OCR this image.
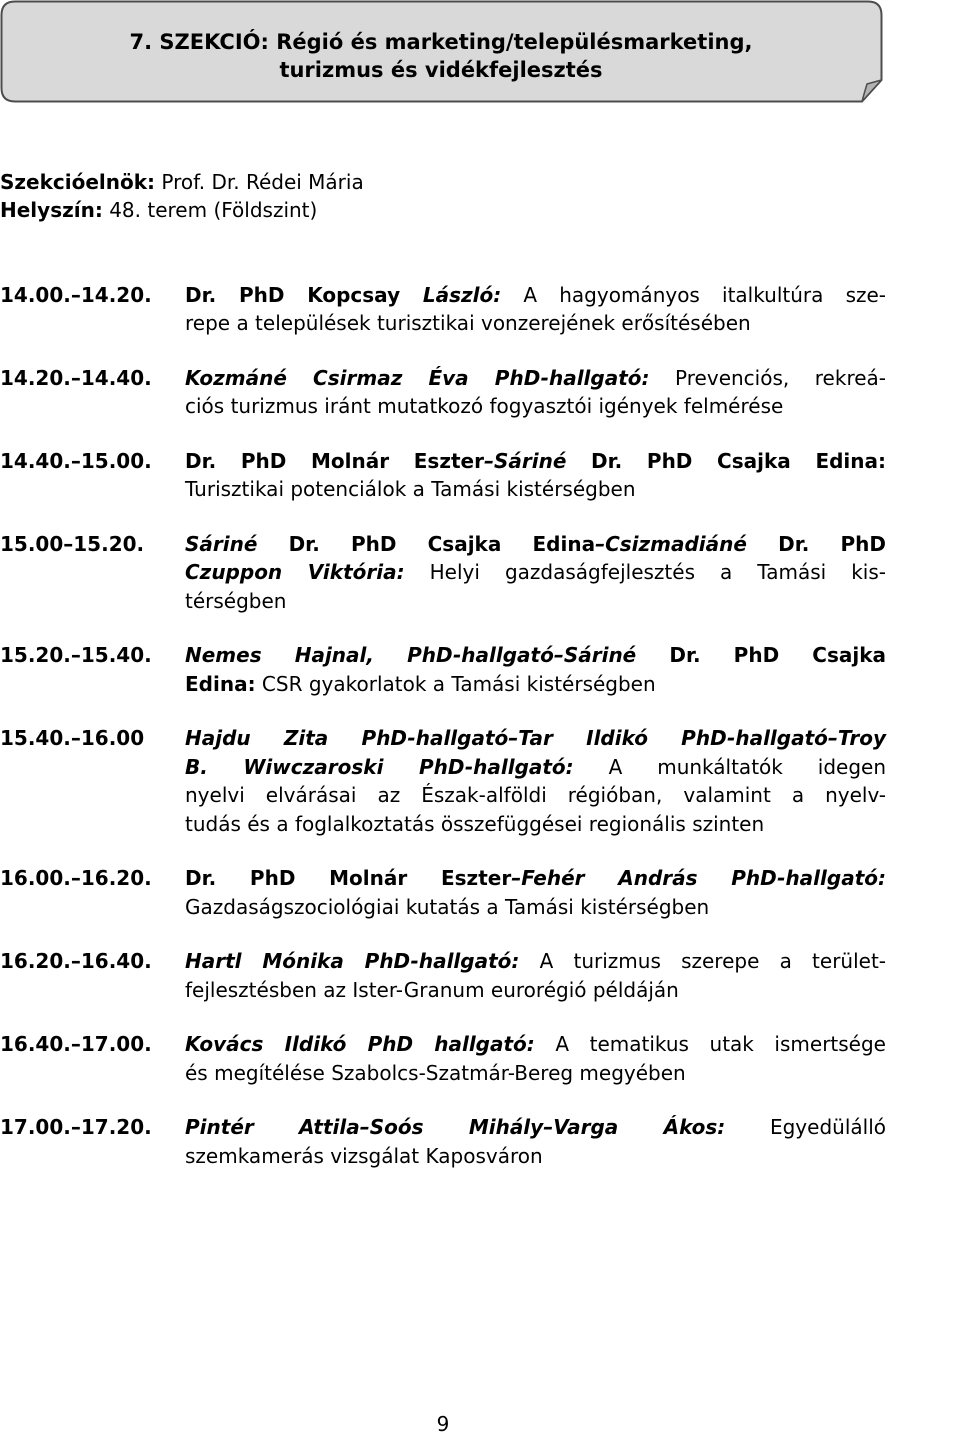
7. SZEKCIÓ: Régió és marketing/településmarketing,
turizmus és vidékfejlesztés
Szekcióelnök: Prof. Dr. Rédei Mária
Helyszín: 48. terem (Földszint)
14.00.–14.20.	Dr. PhD Kopcsay László: A hagyományos italkultúra sze-
repe a települések turisztikai vonzerejének erősítésében
14.20.–14.40.	Kozmáné Csirmaz Éva PhD-hallgató: Prevenciós, rekreá-
ciós turizmus iránt mutatkozó fogyasztói igények felmérése
14.40.–15.00.	Dr. PhD Molnár Eszter–Sáriné Dr. PhD Csajka Edina:
Turisztikai potenciálok a Tamási kistérségben
15.00–15.20.	Sáriné Dr. PhD Csajka Edina–Csizmadiáné Dr. PhD
Czuppon Viktória: Helyi gazdaságfejlesztés a Tamási kis-
térségben
15.20.–15.40.	Nemes Hajnal, PhD-hallgató–Sáriné Dr. PhD Csajka
Edina: CSR gyakorlatok a Tamási kistérségben
15.40.–16.00	Hajdu Zita PhD-hallgató–Tar Ildikó PhD-hallgató–Troy
B. Wiwczaroski PhD-hallgató: A munkáltatók idegen
nyelvi elvárásai az Észak-alföldi régióban, valamint a nyelv-
tudás és a foglalkoztatás összefüggései regionális szinten
16.00.–16.20.	Dr. PhD Molnár Eszter–Fehér András PhD-hallgató:
Gazdaságszociológiai kutatás a Tamási kistérségben
16.20.–16.40.	Hartl Mónika PhD-hallgató: A turizmus szerepe a terület-
fejlesztésben az Ister-Granum eurorégió példáján
16.40.–17.00.	Kovács Ildikó PhD hallgató: A tematikus utak ismertsége
és megítélése Szabolcs-Szatmár-Bereg megyében
17.00.–17.20.	Pintér Attila–Soós Mihály–Varga Ákos: Egyedülálló
szemkamerás vizsgálat Kaposváron
9
